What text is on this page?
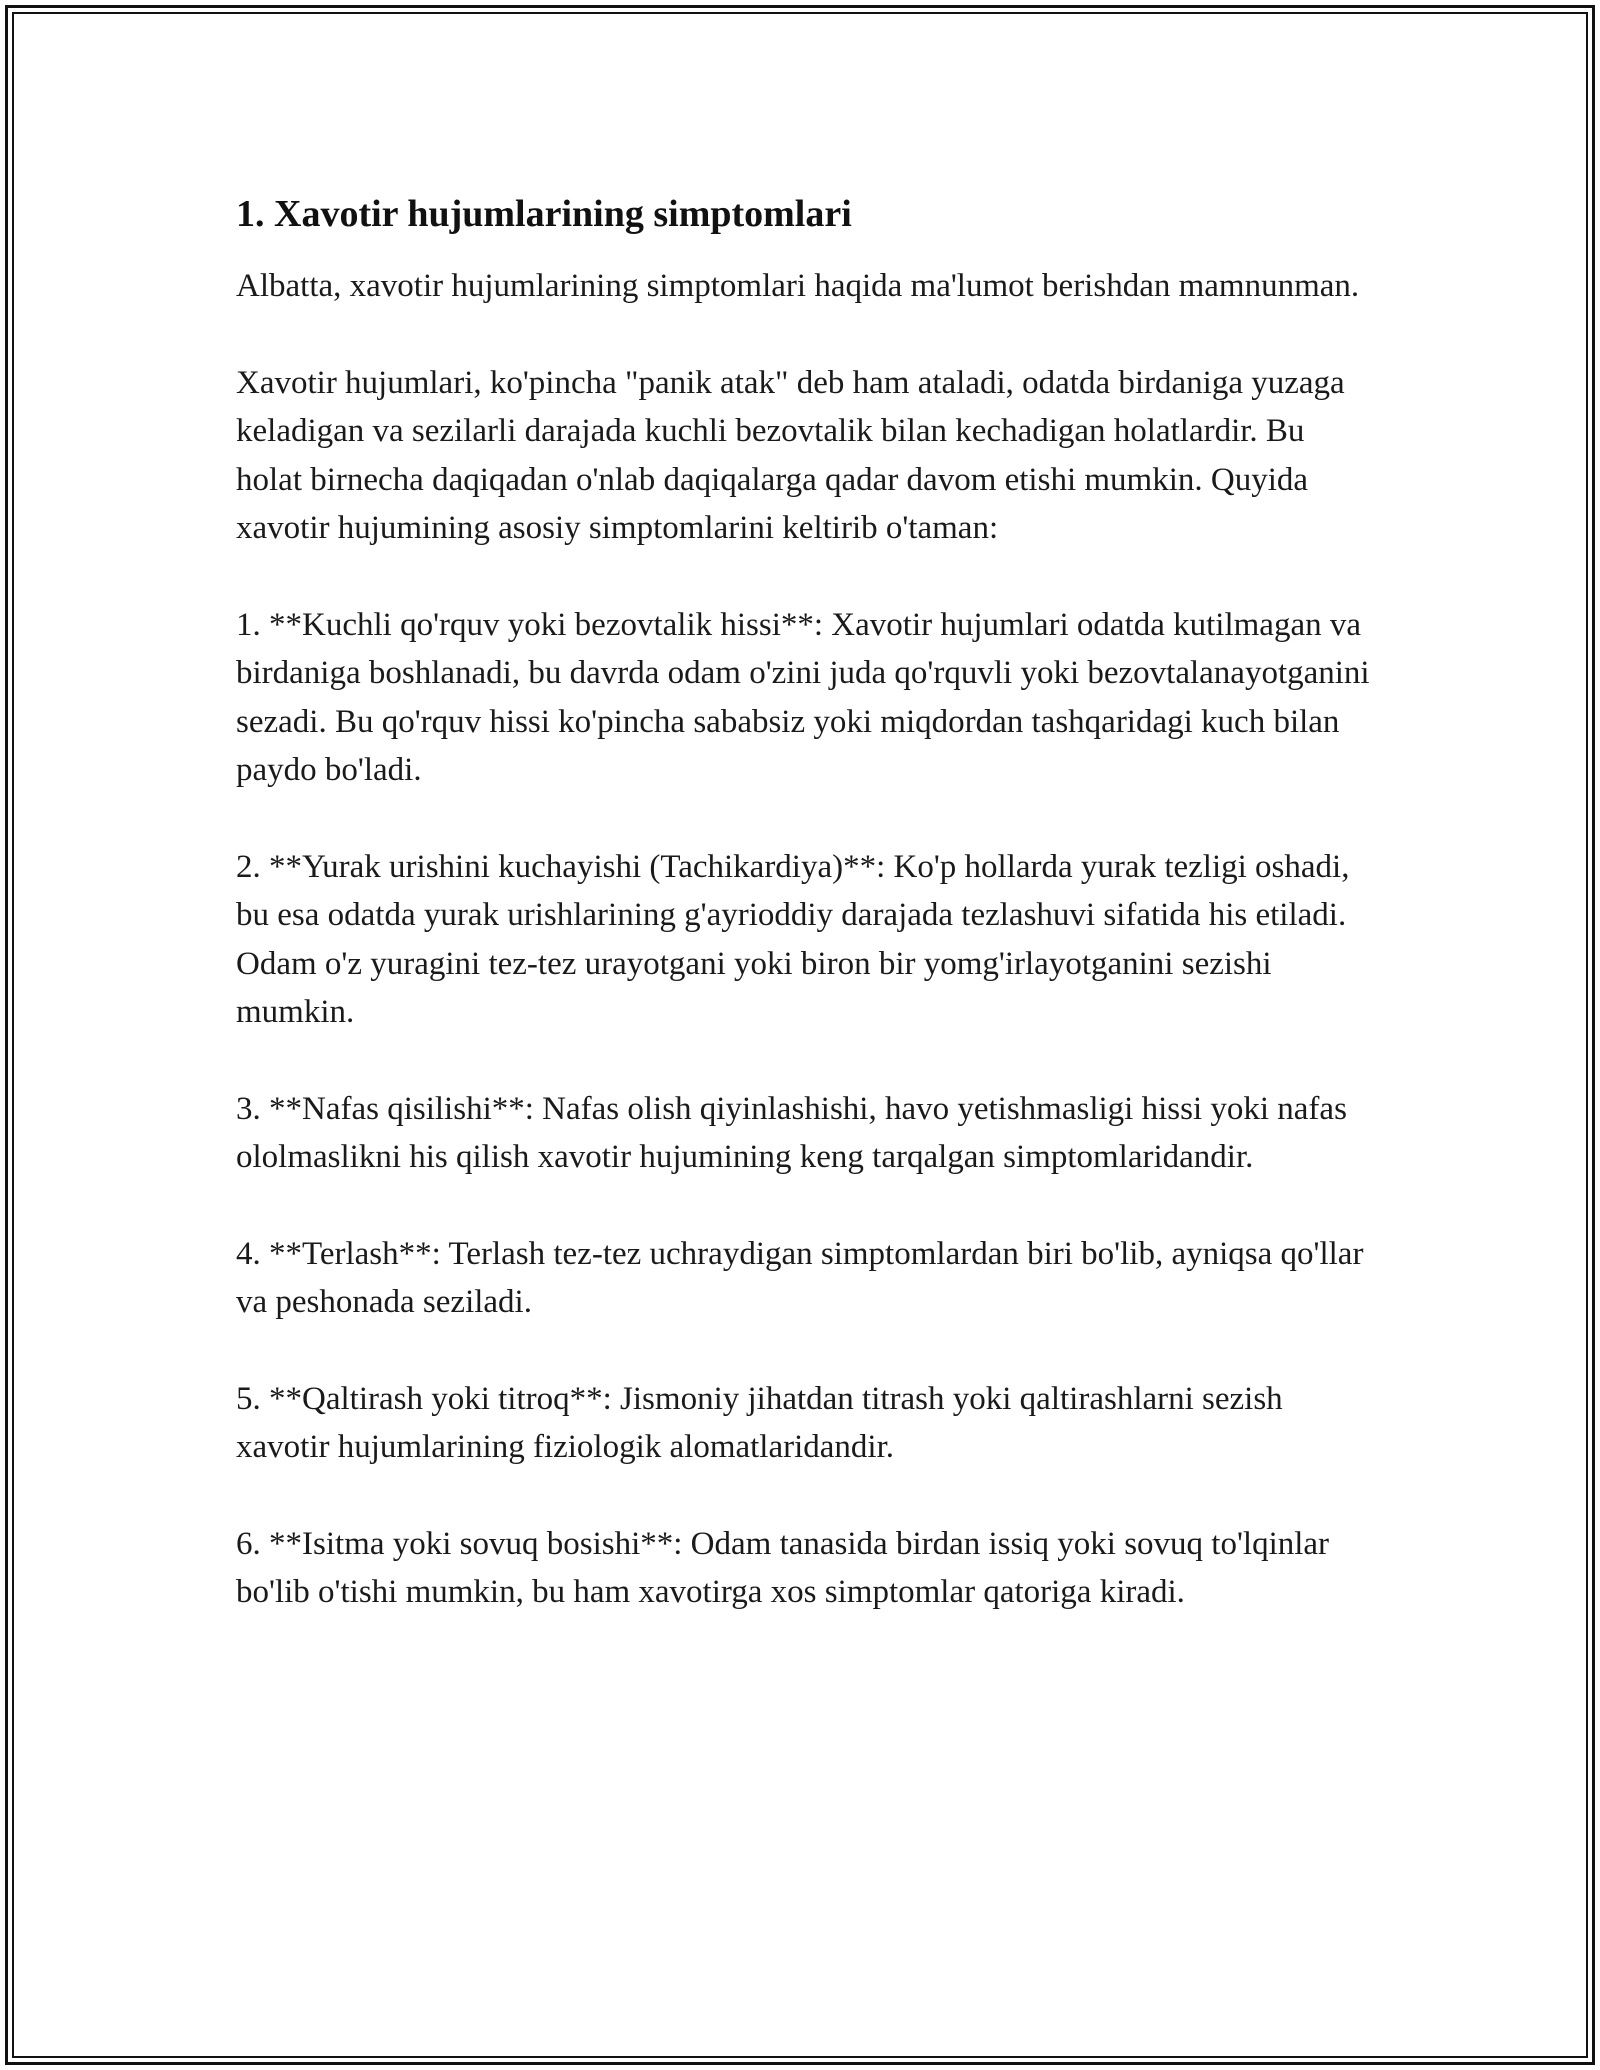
1. Xavotir hujumlarining simptomlari

Albatta, xavotir hujumlarining simptomlari haqida ma'lumot berishdan mamnunman.

Xavotir hujumlari, ko'pincha "panik atak" deb ham ataladi, odatda birdaniga yuzaga keladigan va sezilarli darajada kuchli bezovtalik bilan kechadigan holatlardir. Bu holat birnecha daqiqadan o'nlab daqiqalarga qadar davom etishi mumkin. Quyida xavotir hujumining asosiy simptomlarini keltirib o'taman:

1. **Kuchli qo'rquv yoki bezovtalik hissi**: Xavotir hujumlari odatda kutilmagan va birdaniga boshlanadi, bu davrda odam o'zini juda qo'rquvli yoki bezovtalanayotganini sezadi. Bu qo'rquv hissi ko'pincha sababsiz yoki miqdordan tashqaridagi kuch bilan paydo bo'ladi.

2. **Yurak urishini kuchayishi (Tachikardiya)**: Ko'p hollarda yurak tezligi oshadi, bu esa odatda yurak urishlarining g'ayrioddiy darajada tezlashuvi sifatida his etiladi. Odam o'z yuragini tez-tez urayotgani yoki biron bir yomg'irlayotganini sezishi mumkin.

3. **Nafas qisilishi**: Nafas olish qiyinlashishi, havo yetishmasligi hissi yoki nafas ololmaslikni his qilish xavotir hujumining keng tarqalgan simptomlaridandir.

4. **Terlash**: Terlash tez-tez uchraydigan simptomlardan biri bo'lib, ayniqsa qo'llar va peshonada seziladi.

5. **Qaltirash yoki titroq**: Jismoniy jihatdan titrash yoki qaltirashlarni sezish xavotir hujumlarining fiziologik alomatlaridandir.

6. **Isitma yoki sovuq bosishi**: Odam tanasida birdan issiq yoki sovuq to'lqinlar bo'lib o'tishi mumkin, bu ham xavotirga xos simptomlar qatoriga kiradi.
